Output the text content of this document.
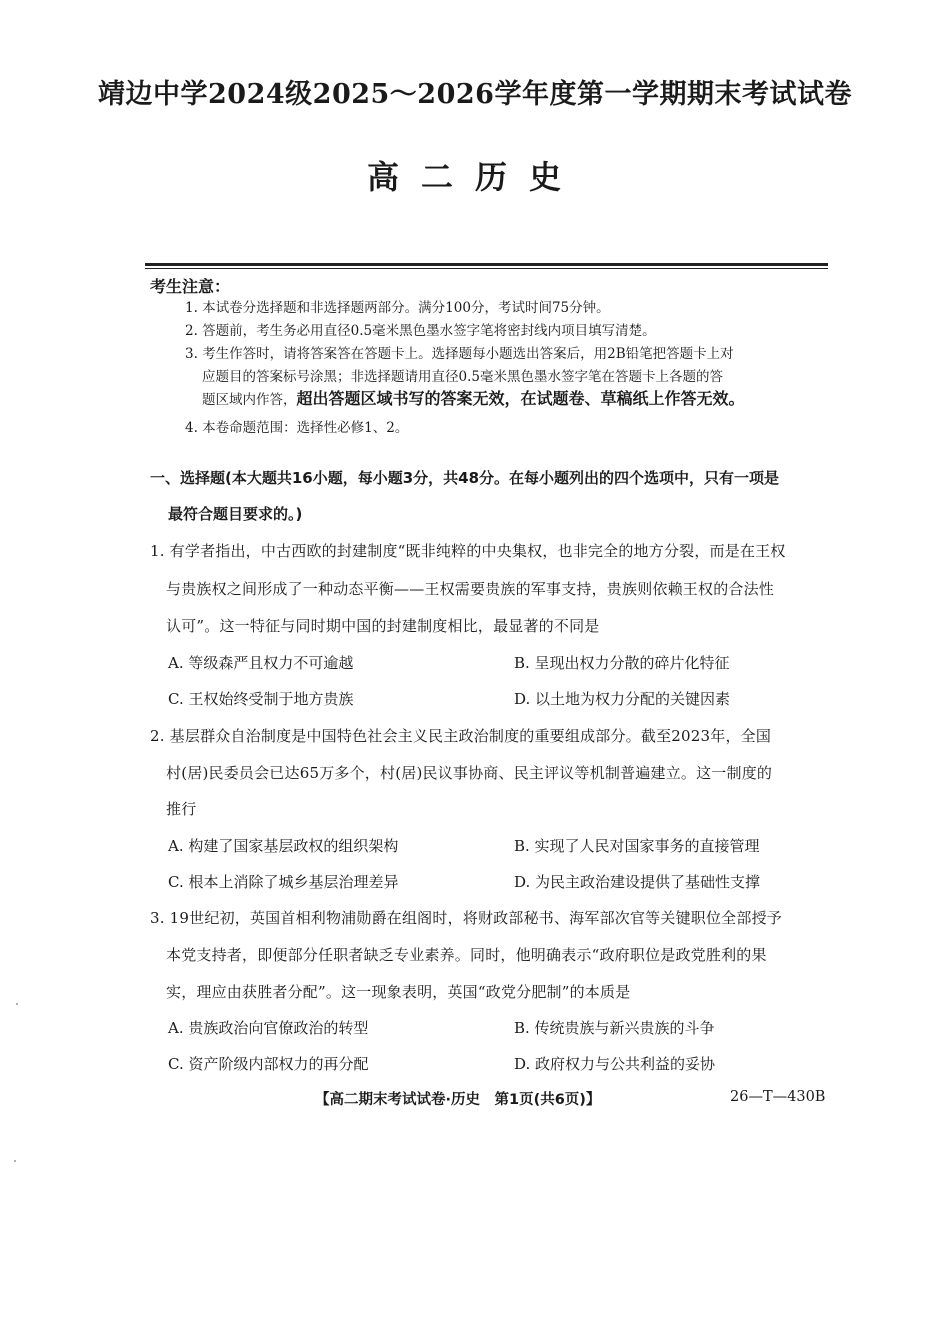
靖边中学2024级2025～2026学年度第一学期期末考试试卷
高二历史
考生注意：
1. 本试卷分选择题和非选择题两部分。满分100分，考试时间75分钟。
2. 答题前，考生务必用直径0.5毫米黑色墨水签字笔将密封线内项目填写清楚。
3. 考生作答时，请将答案答在答题卡上。选择题每小题选出答案后，用2B铅笔把答题卡上对
应题目的答案标号涂黑；非选择题请用直径0.5毫米黑色墨水签字笔在答题卡上各题的答
题区域内作答，超出答题区域书写的答案无效，在试题卷、草稿纸上作答无效。
4. 本卷命题范围：选择性必修1、2。
一、选择题(本大题共16小题，每小题3分，共48分。在每小题列出的四个选项中，只有一项是
最符合题目要求的。)
1. 有学者指出，中古西欧的封建制度“既非纯粹的中央集权，也非完全的地方分裂，而是在王权
与贵族权之间形成了一种动态平衡——王权需要贵族的军事支持，贵族则依赖王权的合法性
认可”。这一特征与同时期中国的封建制度相比，最显著的不同是
A. 等级森严且权力不可逾越	B. 呈现出权力分散的碎片化特征
C. 王权始终受制于地方贵族	D. 以土地为权力分配的关键因素
2. 基层群众自治制度是中国特色社会主义民主政治制度的重要组成部分。截至2023年，全国
村(居)民委员会已达65万多个，村(居)民议事协商、民主评议等机制普遍建立。这一制度的
推行
A. 构建了国家基层政权的组织架构	B. 实现了人民对国家事务的直接管理
C. 根本上消除了城乡基层治理差异	D. 为民主政治建设提供了基础性支撑
3. 19世纪初，英国首相利物浦勋爵在组阁时，将财政部秘书、海军部次官等关键职位全部授予
本党支持者，即便部分任职者缺乏专业素养。同时，他明确表示“政府职位是政党胜利的果
实，理应由获胜者分配”。这一现象表明，英国“政党分肥制”的本质是
A. 贵族政治向官僚政治的转型	B. 传统贵族与新兴贵族的斗争
C. 资产阶级内部权力的再分配	D. 政府权力与公共利益的妥协
【高二期末考试试卷·历史　第1页(共6页)】	26—T—430B
